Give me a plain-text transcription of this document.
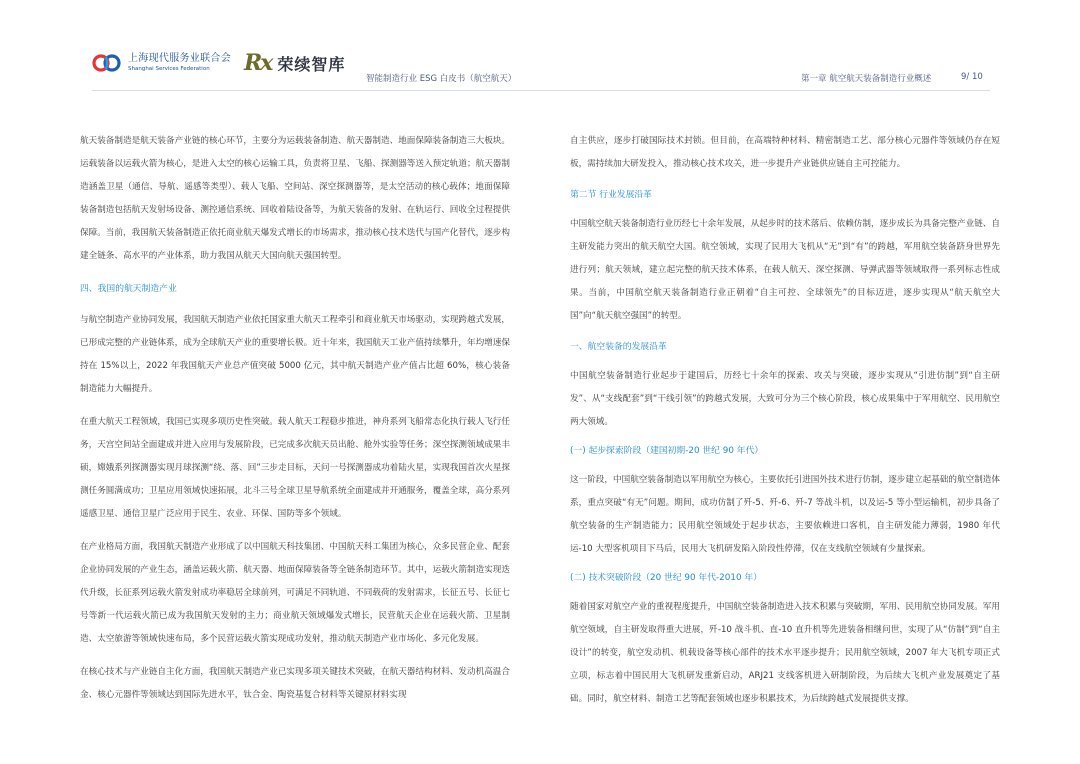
上海现代服务业联合会
Shanghai Services Federation	Rx 荣续智库
智能制造行业 ESG 白皮书（航空航天）	第一章 航空航天装备制造行业概述	9/ 10

航天装备制造是航天装备产业链的核心环节，主要分为运载装备制造、航天器制造、地面保障装备制造三大板块。运载装备以运载火箭为核心，是进入太空的核心运输工具，负责将卫星、飞船、探测器等送入预定轨道；航天器制造涵盖卫星（通信、导航、遥感等类型）、载人飞船、空间站、深空探测器等，是太空活动的核心载体；地面保障装备制造包括航天发射场设备、测控通信系统、回收着陆设备等，为航天装备的发射、在轨运行、回收全过程提供保障。当前，我国航天装备制造正依托商业航天爆发式增长的市场需求，推动核心技术迭代与国产化替代，逐步构建全链条、高水平的产业体系，助力我国从航天大国向航天强国转型。

四、我国的航天制造产业

与航空制造产业协同发展，我国航天制造产业依托国家重大航天工程牵引和商业航天市场驱动，实现跨越式发展，已形成完整的产业链体系，成为全球航天产业的重要增长极。近十年来，我国航天工业产值持续攀升，年均增速保持在 15%以上，2022 年我国航天产业总产值突破 5000 亿元，其中航天制造产业产值占比超 60%，核心装备制造能力大幅提升。

在重大航天工程领域，我国已实现多项历史性突破。载人航天工程稳步推进，神舟系列飞船常态化执行载人飞行任务，天宫空间站全面建成并进入应用与发展阶段，已完成多次航天员出舱、舱外实验等任务；深空探测领域成果丰硕，嫦娥系列探测器实现月球探测“绕、落、回”三步走目标，天问一号探测器成功着陆火星，实现我国首次火星探测任务圆满成功；卫星应用领域快速拓展，北斗三号全球卫星导航系统全面建成并开通服务，覆盖全球，高分系列遥感卫星、通信卫星广泛应用于民生、农业、环保、国防等多个领域。

在产业格局方面，我国航天制造产业形成了以中国航天科技集团、中国航天科工集团为核心，众多民营企业、配套企业协同发展的产业生态，涵盖运载火箭、航天器、地面保障装备等全链条制造环节。其中，运载火箭制造实现迭代升级，长征系列运载火箭发射成功率稳居全球前列，可满足不同轨道、不同载荷的发射需求，长征五号、长征七号等新一代运载火箭已成为我国航天发射的主力；商业航天领域爆发式增长，民营航天企业在运载火箭、卫星制造、太空旅游等领域快速布局，多个民营运载火箭实现成功发射，推动航天制造产业市场化、多元化发展。

在核心技术与产业链自主化方面，我国航天制造产业已实现多项关键技术突破，在航天器结构材料、发动机高温合金、核心元器件等领域达到国际先进水平，钛合金、陶瓷基复合材料等关键原材料实现

自主供应，逐步打破国际技术封锁。但目前，在高端特种材料、精密制造工艺、部分核心元器件等领域仍存在短板，需持续加大研发投入，推动核心技术攻关，进一步提升产业链供应链自主可控能力。

第二节 行业发展沿革

中国航空航天装备制造行业历经七十余年发展，从起步时的技术落后、依赖仿制，逐步成长为具备完整产业链、自主研发能力突出的航天航空大国。航空领域，实现了民用大飞机从“无”到“有”的跨越，军用航空装备跻身世界先进行列；航天领域，建立起完整的航天技术体系，在载人航天、深空探测、导弹武器等领域取得一系列标志性成果。当前，中国航空航天装备制造行业正朝着“自主可控、全球领先”的目标迈进，逐步实现从“航天航空大国”向“航天航空强国”的转型。

一、航空装备的发展沿革

中国航空装备制造行业起步于建国后，历经七十余年的探索、攻关与突破，逐步实现从“引进仿制”到“自主研发”、从“支线配套”到“干线引领”的跨越式发展，大致可分为三个核心阶段，核心成果集中于军用航空、民用航空两大领域。

(一) 起步探索阶段（建国初期-20 世纪 90 年代）

这一阶段，中国航空装备制造以军用航空为核心，主要依托引进国外技术进行仿制，逐步建立起基础的航空制造体系，重点突破“有无”问题。期间，成功仿制了歼-5、歼-6、歼-7 等战斗机，以及运-5 等小型运输机，初步具备了航空装备的生产制造能力；民用航空领域处于起步状态，主要依赖进口客机，自主研发能力薄弱，1980 年代运-10 大型客机项目下马后，民用大飞机研发陷入阶段性停滞，仅在支线航空领域有少量探索。

(二) 技术突破阶段（20 世纪 90 年代-2010 年）

随着国家对航空产业的重视程度提升，中国航空装备制造进入技术积累与突破期，军用、民用航空协同发展。军用航空领域，自主研发取得重大进展，歼-10 战斗机、直-10 直升机等先进装备相继问世，实现了从“仿制”到“自主设计”的转变，航空发动机、机载设备等核心部件的技术水平逐步提升；民用航空领域，2007 年大飞机专项正式立项，标志着中国民用大飞机研发重新启动，ARJ21 支线客机进入研制阶段，为后续大飞机产业发展奠定了基础。同时，航空材料、制造工艺等配套领域也逐步积累技术，为后续跨越式发展提供支撑。
